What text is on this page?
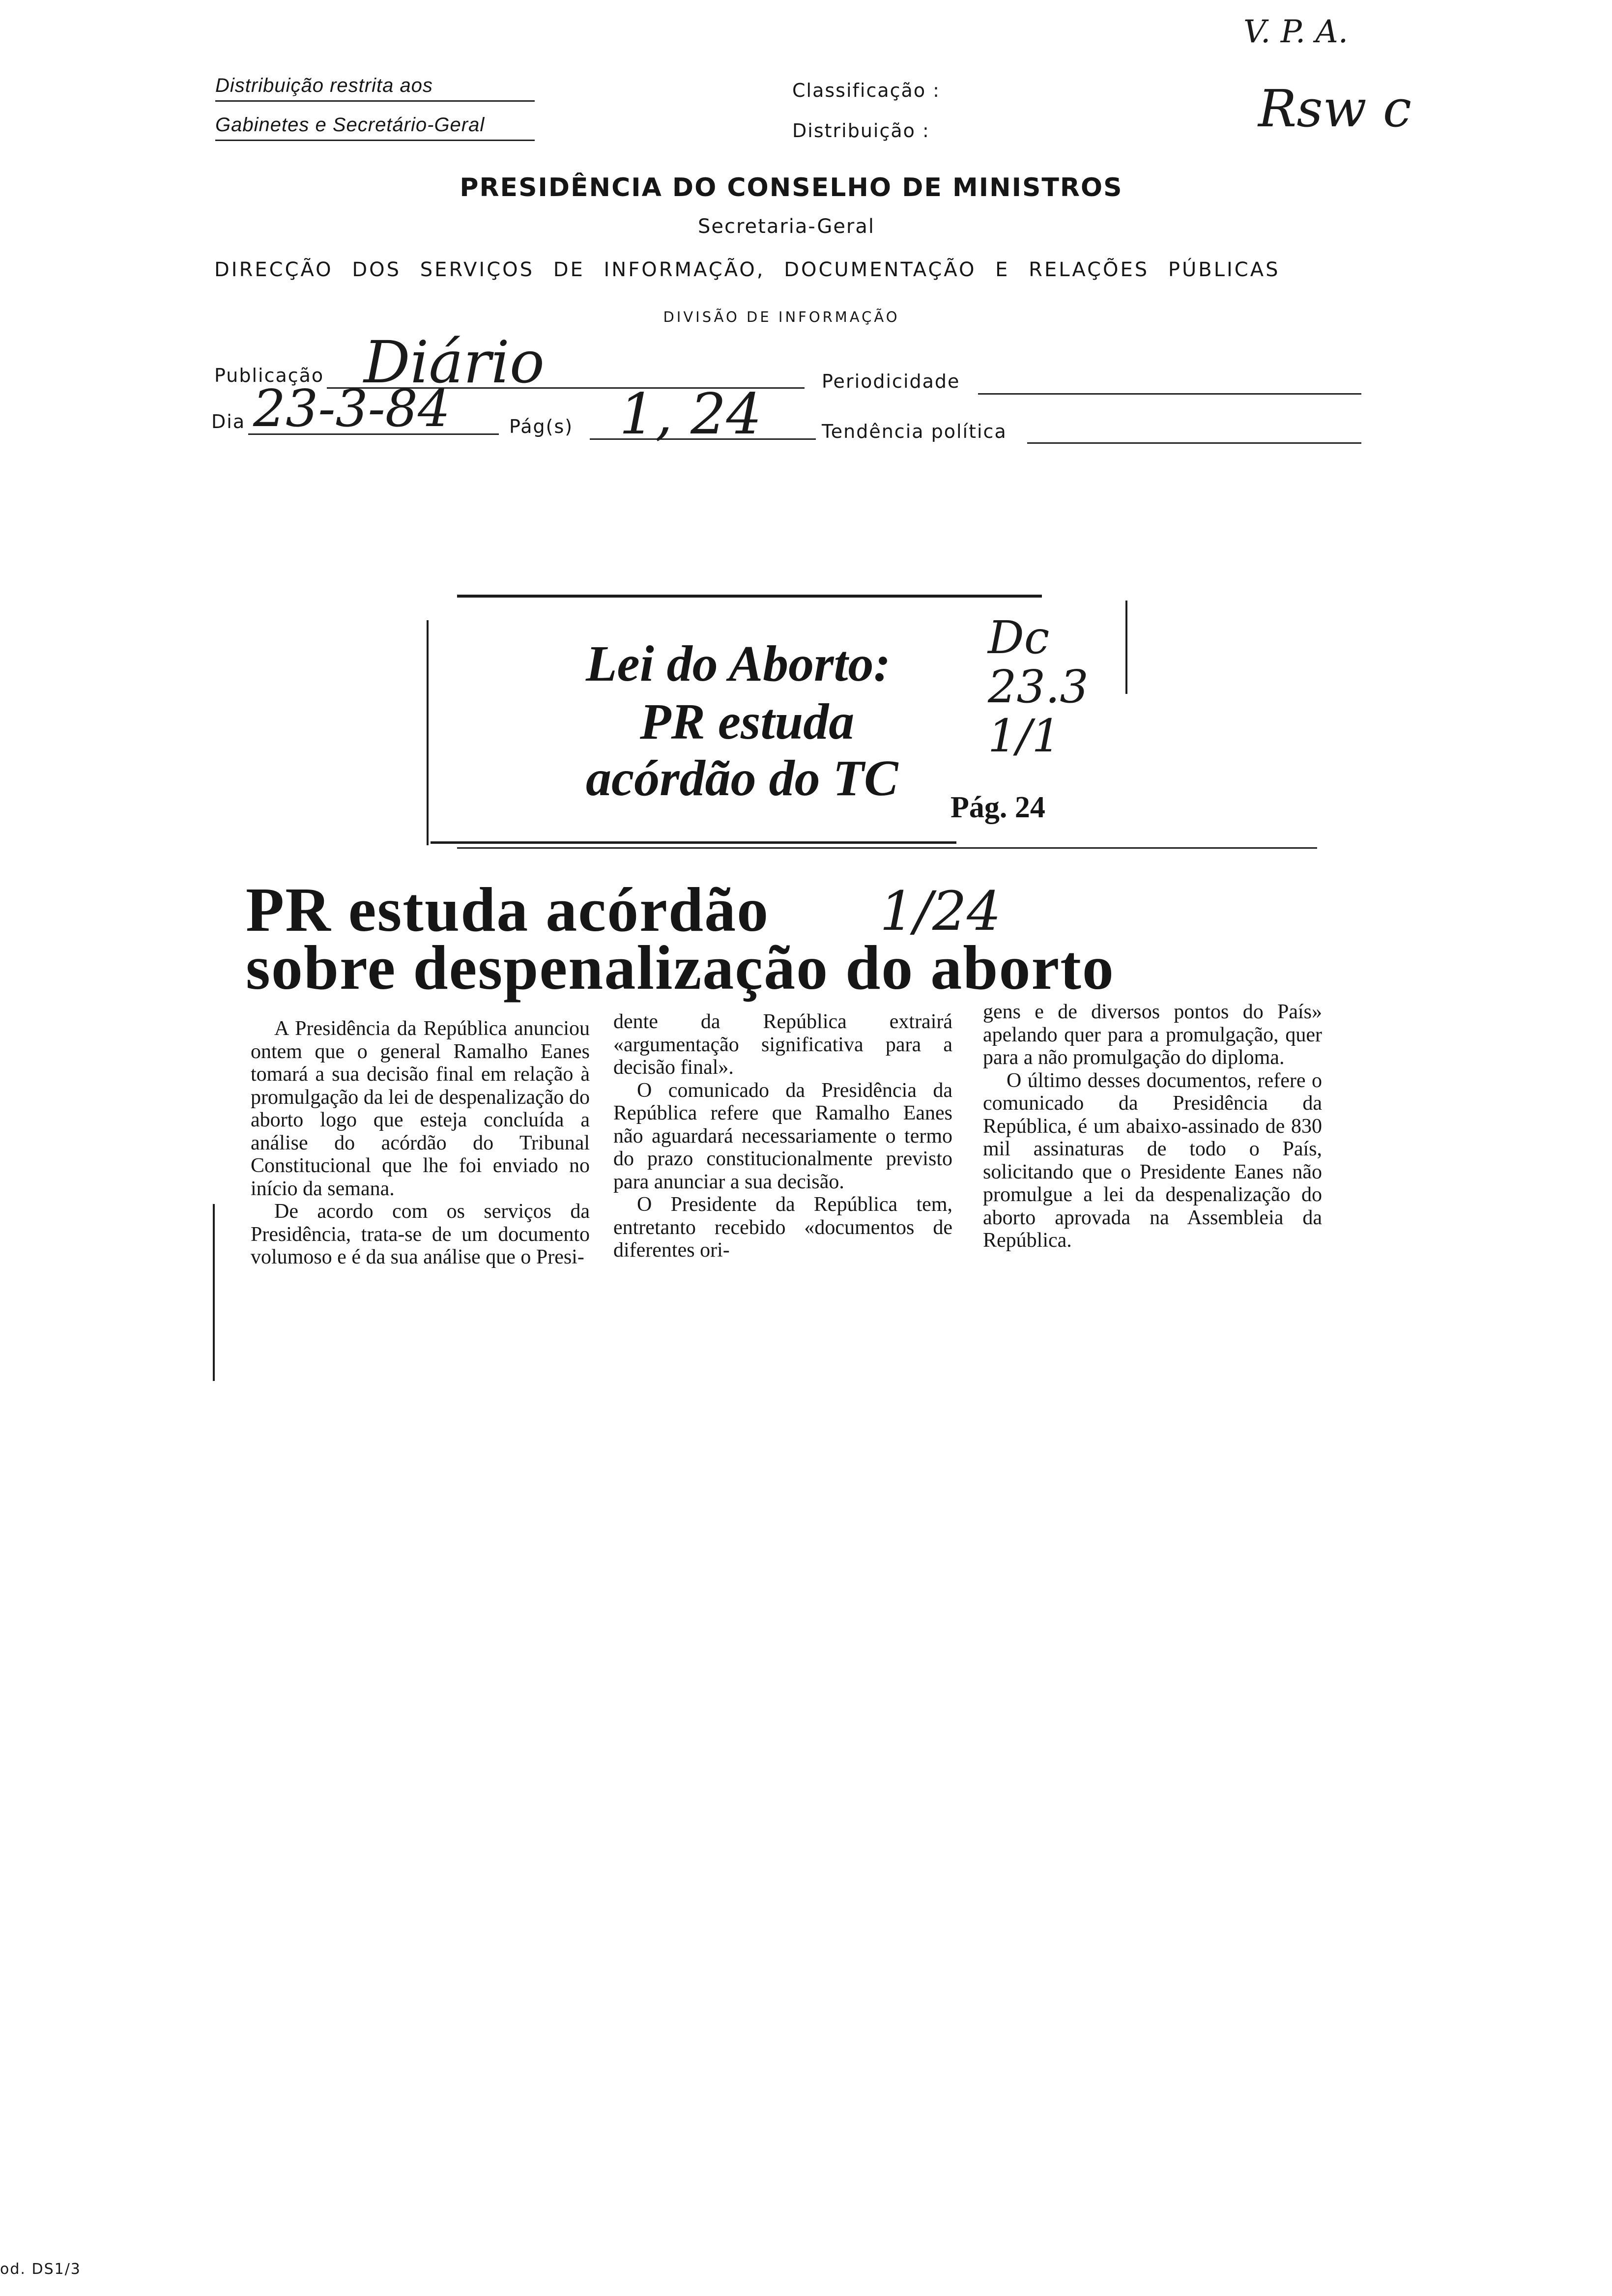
Distribuição restrita aos
Gabinetes e Secretário-Geral
Classificação :
Distribuição :
V. P. A.
Rsw c
PRESIDÊNCIA DO CONSELHO DE MINISTROS
Secretaria-Geral
DIRECÇÃO DOS SERVIÇOS DE INFORMAÇÃO, DOCUMENTAÇÃO E RELAÇÕES PÚBLICAS
DIVISÃO DE INFORMAÇÃO
Publicação Diário	Periodicidade
Dia 23-3-84	Pág(s) 1, 24	Tendência política
Lei do Aborto:
PR estuda
acórdão do TC
Pág. 24
Dc 23.3 1/1
PR estuda acórdão
sobre despenalização do aborto
1/24

A Presidência da República anunciou ontem que o general Ramalho Eanes tomará a sua decisão final em relação à promulgação da lei de despenalização do aborto logo que esteja concluída a análise do acórdão do Tribunal Constitucional que lhe foi enviado no início da semana.

De acordo com os serviços da Presidência, trata-se de um documento volumoso e é da sua análise que o Presi-

dente da República extrairá «argumentação significativa para a decisão final».

O comunicado da Presidência da República refere que Ramalho Eanes não aguardará necessariamente o termo do prazo constitucionalmente previsto para anunciar a sua decisão.

O Presidente da República tem, entretanto recebido «documentos de diferentes ori-

gens e de diversos pontos do País» apelando quer para a promulgação, quer para a não promulgação do diploma.

O último desses documentos, refere o comunicado da Presidência da República, é um abaixo-assinado de 830 mil assinaturas de todo o País, solicitando que o Presidente Eanes não promulgue a lei da despenalização do aborto aprovada na Assembleia da República.

od. DS1/3
